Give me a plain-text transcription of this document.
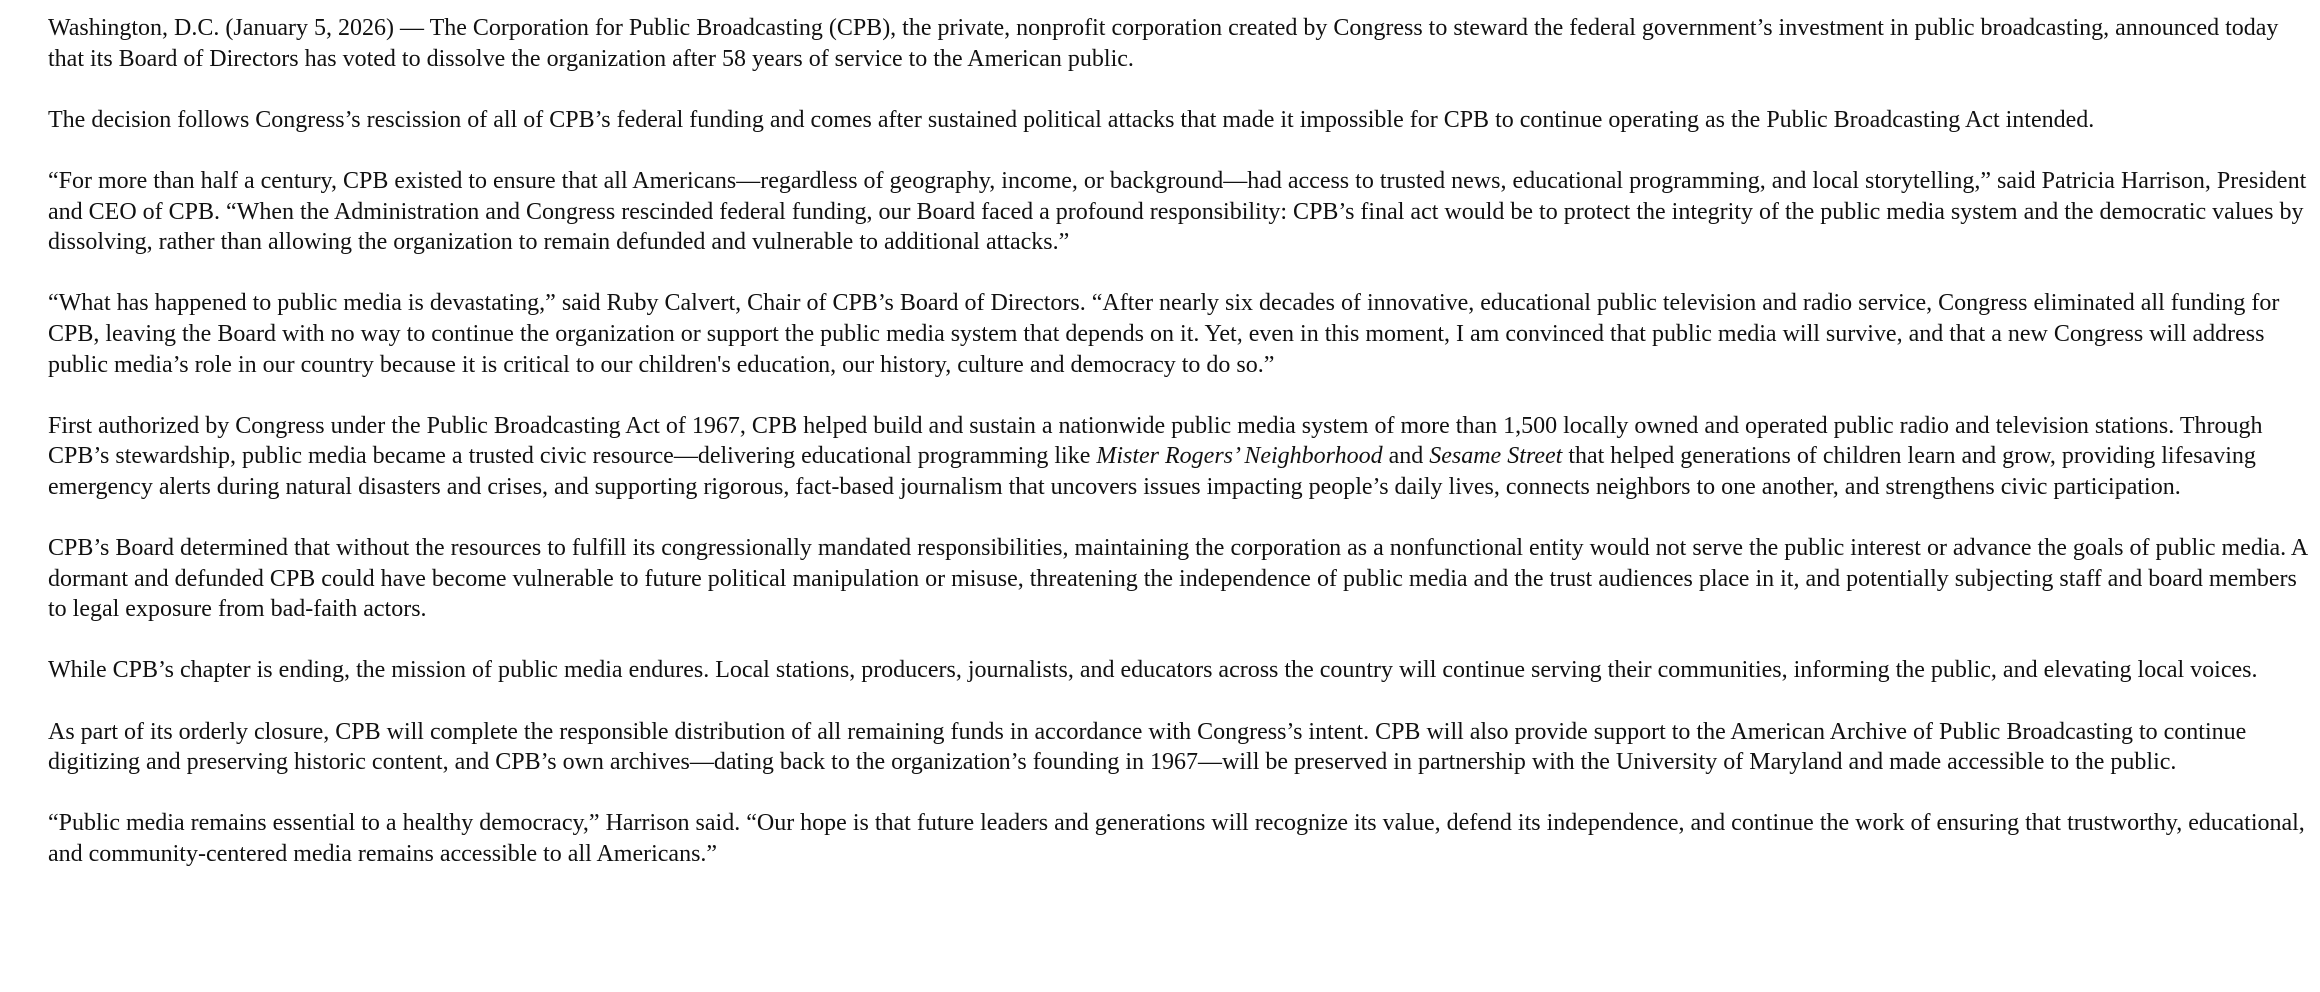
Washington, D.C. (January 5, 2026) — The Corporation for Public Broadcasting (CPB), the private, nonprofit corporation created by Congress to steward the federal government’s investment in public broadcasting, announced today that its Board of Directors has voted to dissolve the organization after 58 years of service to the American public.

The decision follows Congress’s rescission of all of CPB’s federal funding and comes after sustained political attacks that made it impossible for CPB to continue operating as the Public Broadcasting Act intended.

“For more than half a century, CPB existed to ensure that all Americans—regardless of geography, income, or background—had access to trusted news, educational programming, and local storytelling,” said Patricia Harrison, President and CEO of CPB. “When the Administration and Congress rescinded federal funding, our Board faced a profound responsibility: CPB’s final act would be to protect the integrity of the public media system and the democratic values by dissolving, rather than allowing the organization to remain defunded and vulnerable to additional attacks.”

“What has happened to public media is devastating,” said Ruby Calvert, Chair of CPB’s Board of Directors. “After nearly six decades of innovative, educational public television and radio service, Congress eliminated all funding for CPB, leaving the Board with no way to continue the organization or support the public media system that depends on it. Yet, even in this moment, I am convinced that public media will survive, and that a new Congress will address public media’s role in our country because it is critical to our children's education, our history, culture and democracy to do so.”

First authorized by Congress under the Public Broadcasting Act of 1967, CPB helped build and sustain a nationwide public media system of more than 1,500 locally owned and operated public radio and television stations. Through CPB’s stewardship, public media became a trusted civic resource—delivering educational programming like Mister Rogers’ Neighborhood and Sesame Street that helped generations of children learn and grow, providing lifesaving emergency alerts during natural disasters and crises, and supporting rigorous, fact-based journalism that uncovers issues impacting people’s daily lives, connects neighbors to one another, and strengthens civic participation.

CPB’s Board determined that without the resources to fulfill its congressionally mandated responsibilities, maintaining the corporation as a nonfunctional entity would not serve the public interest or advance the goals of public media. A dormant and defunded CPB could have become vulnerable to future political manipulation or misuse, threatening the independence of public media and the trust audiences place in it, and potentially subjecting staff and board members to legal exposure from bad-faith actors.

While CPB’s chapter is ending, the mission of public media endures. Local stations, producers, journalists, and educators across the country will continue serving their communities, informing the public, and elevating local voices.

As part of its orderly closure, CPB will complete the responsible distribution of all remaining funds in accordance with Congress’s intent. CPB will also provide support to the American Archive of Public Broadcasting to continue digitizing and preserving historic content, and CPB’s own archives—dating back to the organization’s founding in 1967—will be preserved in partnership with the University of Maryland and made accessible to the public.

“Public media remains essential to a healthy democracy,” Harrison said. “Our hope is that future leaders and generations will recognize its value, defend its independence, and continue the work of ensuring that trustworthy, educational, and community-centered media remains accessible to all Americans.”
